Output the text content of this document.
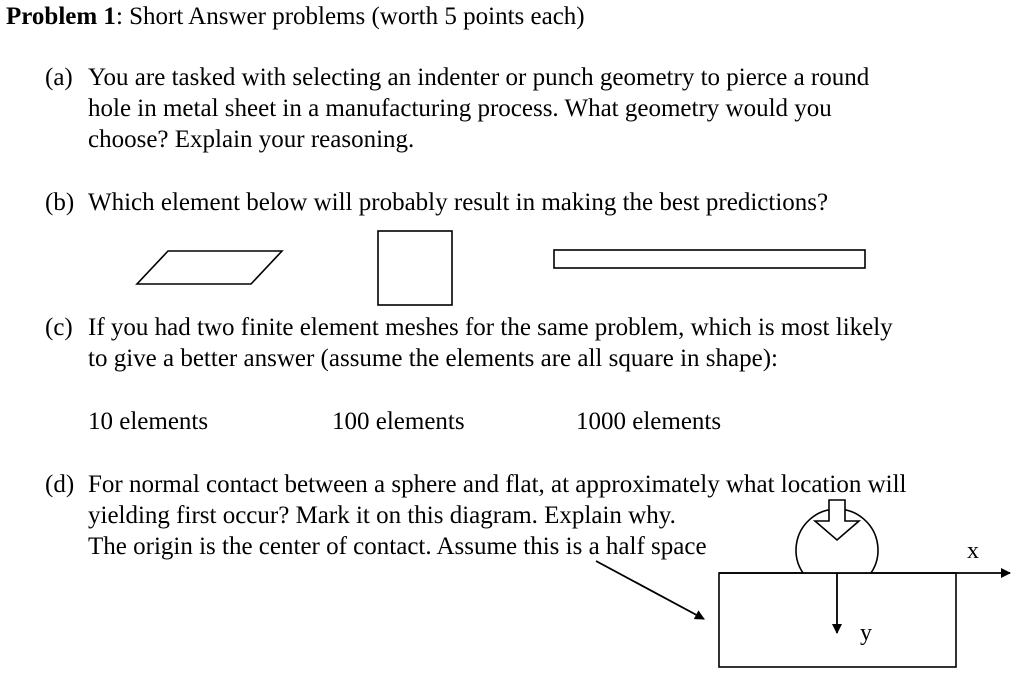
Problem 1: Short Answer problems (worth 5 points each)
(a) You are tasked with selecting an indenter or punch geometry to pierce a round
hole in metal sheet in a manufacturing process. What geometry would you
choose? Explain your reasoning.
(b) Which element below will probably result in making the best predictions?
(c) If you had two finite element meshes for the same problem, which is most likely
to give a better answer (assume the elements are all square in shape):
10 elements	100 elements	1000 elements
(d) For normal contact between a sphere and flat, at approximately what location will
yielding first occur? Mark it on this diagram. Explain why.
The origin is the center of contact. Assume this is a half space	x
y
